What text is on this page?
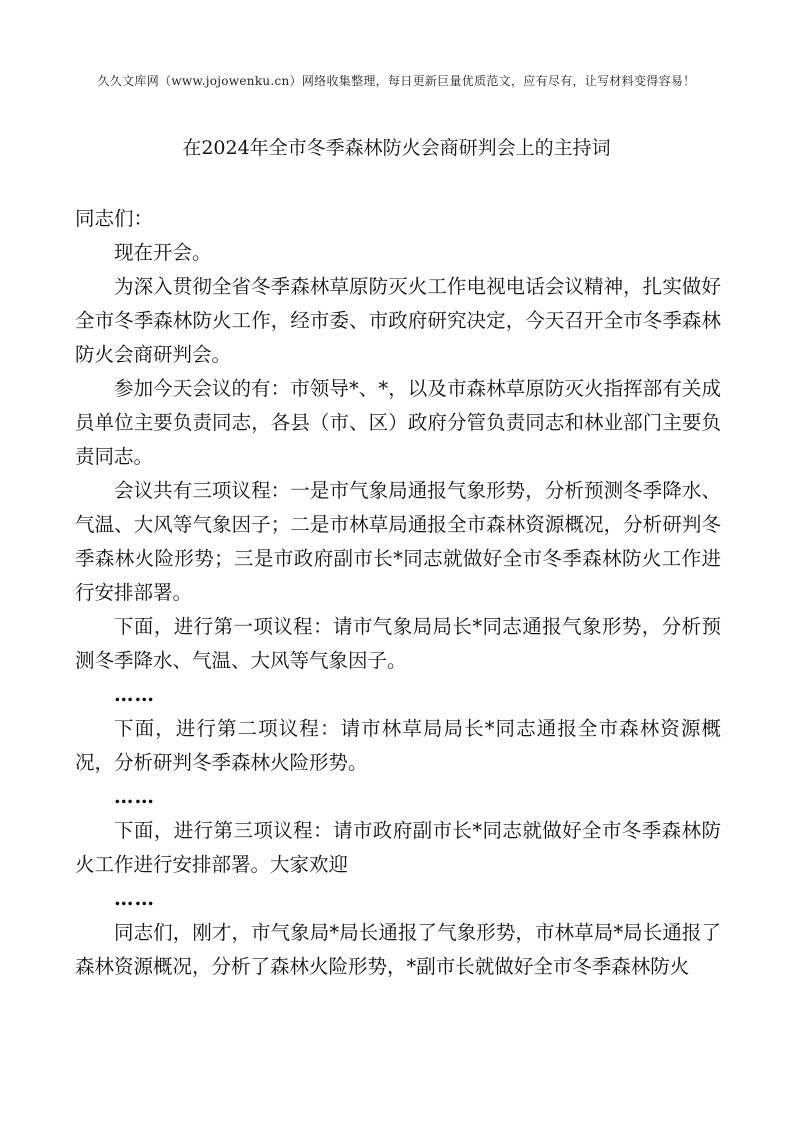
久久文库网（www.jojowenku.cn）网络收集整理，每日更新巨量优质范文，应有尽有，让写材料变得容易！
在2024年全市冬季森林防火会商研判会上的主持词

同志们：

现在开会。

为深入贯彻全省冬季森林草原防灭火工作电视电话会议精神，扎实做好全市冬季森林防火工作，经市委、市政府研究决定，今天召开全市冬季森林防火会商研判会。

参加今天会议的有：市领导*、*，以及市森林草原防灭火指挥部有关成员单位主要负责同志，各县（市、区）政府分管负责同志和林业部门主要负责同志。

会议共有三项议程：一是市气象局通报气象形势，分析预测冬季降水、气温、大风等气象因子；二是市林草局通报全市森林资源概况，分析研判冬季森林火险形势；三是市政府副市长*同志就做好全市冬季森林防火工作进行安排部署。

下面，进行第一项议程：请市气象局局长*同志通报气象形势，分析预测冬季降水、气温、大风等气象因子。

……

下面，进行第二项议程：请市林草局局长*同志通报全市森林资源概况，分析研判冬季森林火险形势。

……

下面，进行第三项议程：请市政府副市长*同志就做好全市冬季森林防火工作进行安排部署。大家欢迎

……

同志们，刚才，市气象局*局长通报了气象形势，市林草局*局长通报了森林资源概况，分析了森林火险形势，*副市长就做好全市冬季森林防火
